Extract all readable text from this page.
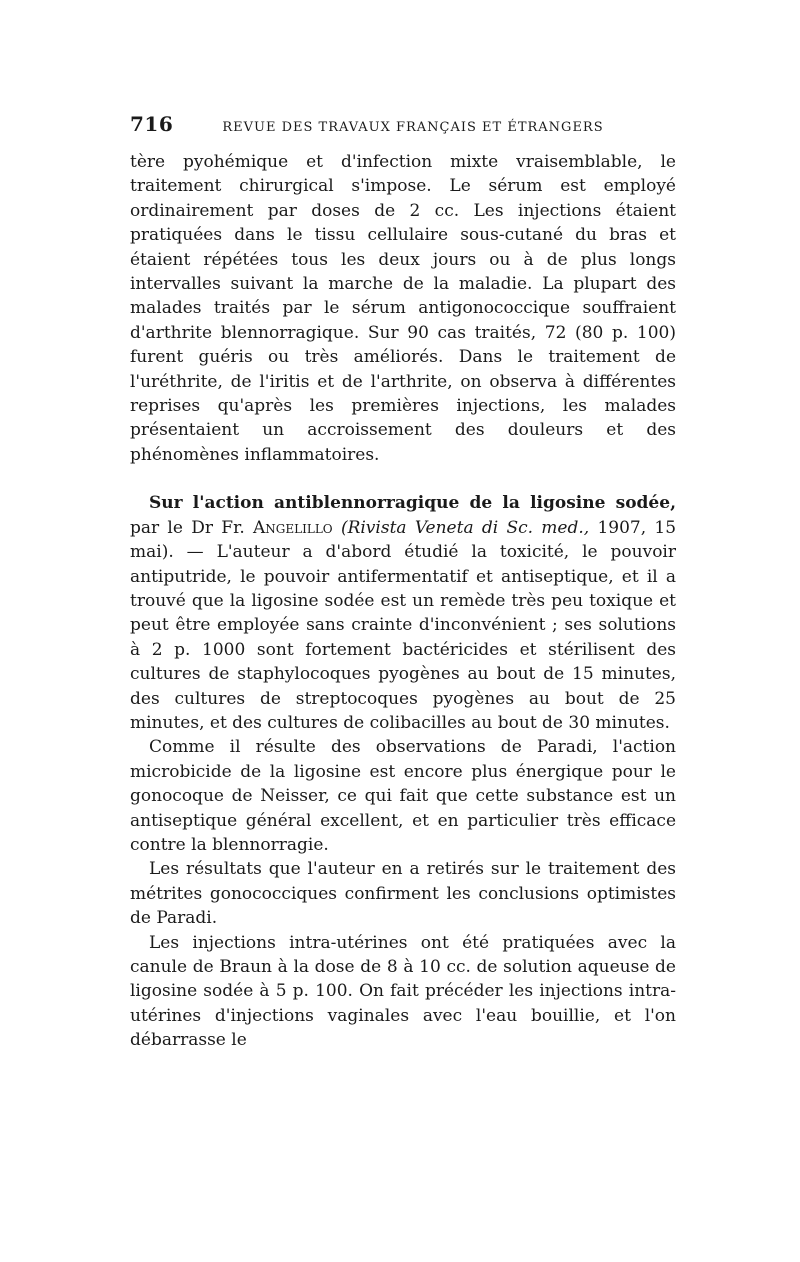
716	REVUE DES TRAVAUX FRANÇAIS ET ÉTRANGERS

tère pyohémique et d'infection mixte vraisemblable, le traitement chirurgical s'impose. Le sérum est employé ordinairement par doses de 2 cc. Les injections étaient pratiquées dans le tissu cellulaire sous-cutané du bras et étaient répétées tous les deux jours ou à de plus longs intervalles suivant la marche de la maladie. La plupart des malades traités par le sérum antigonococcique souffraient d'arthrite blennorragique. Sur 90 cas traités, 72 (80 p. 100) furent guéris ou très améliorés. Dans le traitement de l'uréthrite, de l'iritis et de l'arthrite, on observa à différentes reprises qu'après les premières injections, les malades présentaient un accroissement des douleurs et des phénomènes inflammatoires.

Sur l'action antiblennorragique de la ligosine sodée, par le Dr Fr. Angelillo (Rivista Veneta di Sc. med., 1907, 15 mai). — L'auteur a d'abord étudié la toxicité, le pouvoir antiputride, le pouvoir antifermentatif et antiseptique, et il a trouvé que la ligosine sodée est un remède très peu toxique et peut être employée sans crainte d'inconvénient ; ses solutions à 2 p. 1000 sont fortement bactéricides et stérilisent des cultures de staphylocoques pyogènes au bout de 15 minutes, des cultures de streptocoques pyogènes au bout de 25 minutes, et des cultures de colibacilles au bout de 30 minutes.

Comme il résulte des observations de Paradi, l'action microbicide de la ligosine est encore plus énergique pour le gonocoque de Neisser, ce qui fait que cette substance est un antiseptique général excellent, et en particulier très efficace contre la blennorragie.

Les résultats que l'auteur en a retirés sur le traitement des métrites gonococciques confirment les conclusions optimistes de Paradi.

Les injections intra-utérines ont été pratiquées avec la canule de Braun à la dose de 8 à 10 cc. de solution aqueuse de ligosine sodée à 5 p. 100. On fait précéder les injections intra-utérines d'injections vaginales avec l'eau bouillie, et l'on débarrasse le
